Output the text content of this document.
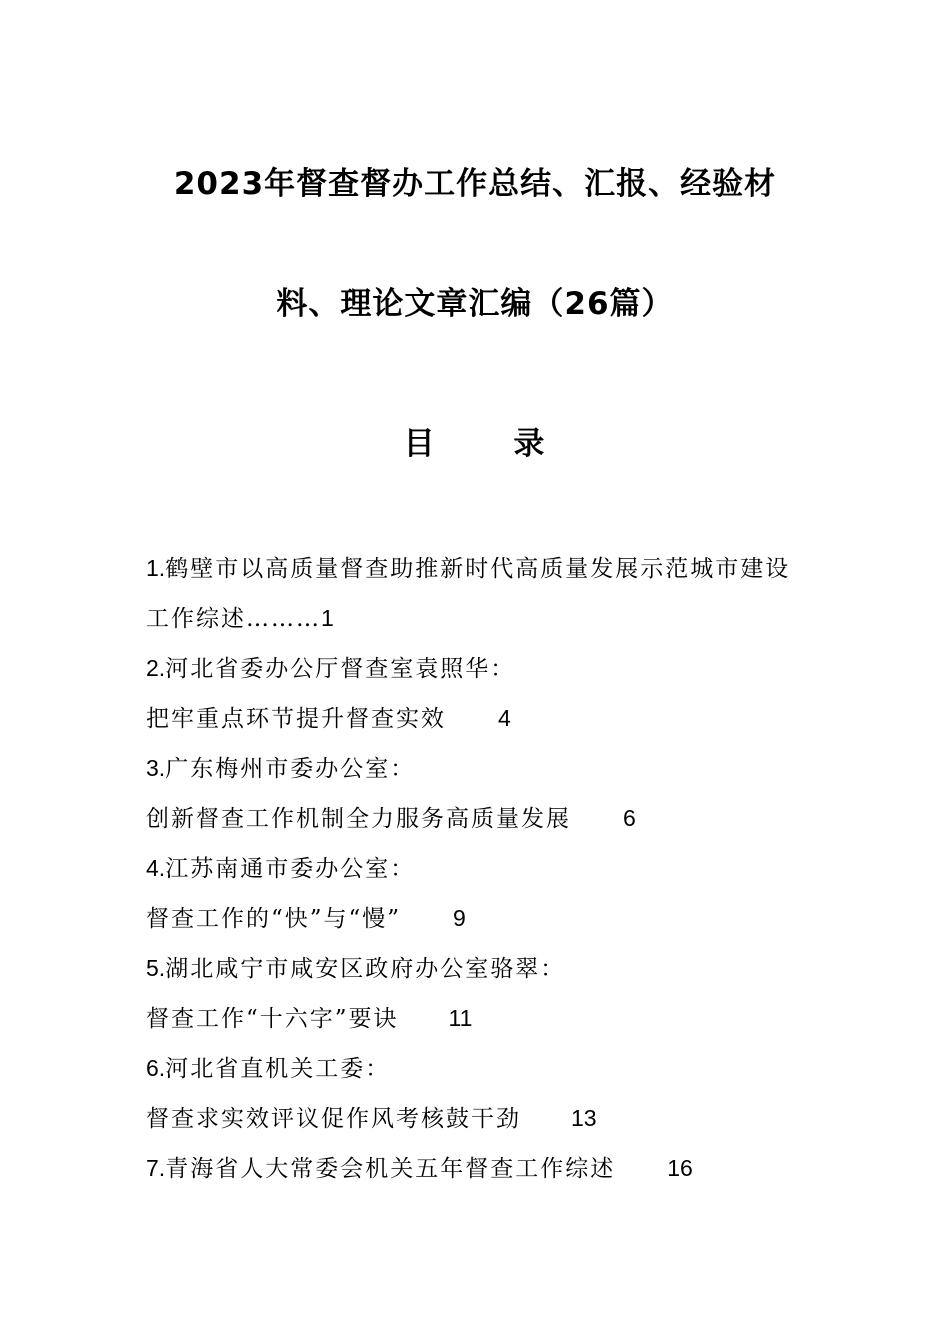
2023年督查督办工作总结、汇报、经验材
料、理论文章汇编（26篇）
目      录
1.鹤壁市以高质量督查助推新时代高质量发展示范城市建设
工作综述………1
2.河北省委办公厅督查室袁照华：
把牢重点环节提升督查实效 4
3.广东梅州市委办公室：
创新督查工作机制全力服务高质量发展 6
4.江苏南通市委办公室：
督查工作的“快”与“慢” 9
5.湖北咸宁市咸安区政府办公室骆翠：
督查工作“十六字”要诀 11
6.河北省直机关工委：
督查求实效评议促作风考核鼓干劲 13
7.青海省人大常委会机关五年督查工作综述 16
